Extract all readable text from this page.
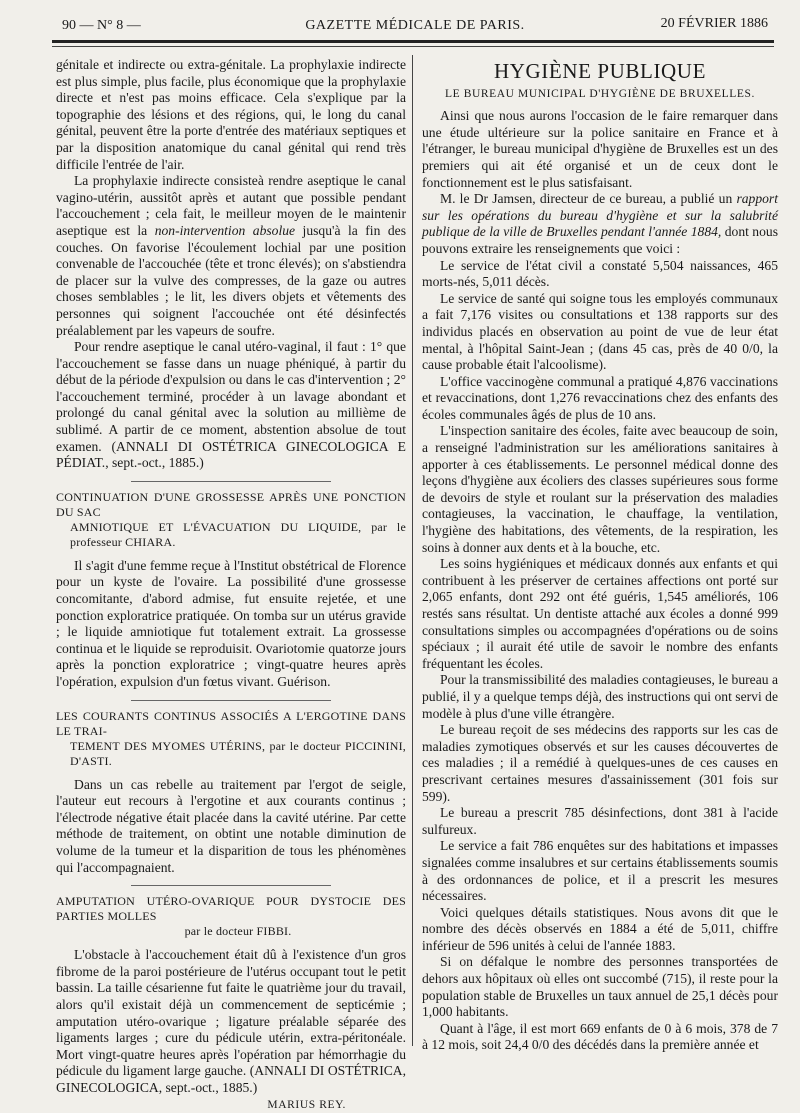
90 — N° 8 —	GAZETTE MÉDICALE DE PARIS.	20 FÉVRIER 1886

génitale et indirecte ou extra-génitale. La prophylaxie indirecte est plus simple, plus facile, plus économique que la prophylaxie directe et n'est pas moins efficace. Cela s'explique par la topographie des lésions et des régions, qui, le long du canal génital, peuvent être la porte d'entrée des matériaux septiques et par la disposition anatomique du canal génital qui rend très difficile l'entrée de l'air.

La prophylaxie indirecte consisteà rendre aseptique le canal vagino-utérin, aussitôt après et autant que possible pendant l'accouchement ; cela fait, le meilleur moyen de le maintenir aseptique est la non-intervention absolue jusqu'à la fin des couches. On favorise l'écoulement lochial par une position convenable de l'accouchée (tête et tronc élevés); on s'abstiendra de placer sur la vulve des compresses, de la gaze ou autres choses semblables ; le lit, les divers objets et vêtements des personnes qui soignent l'accouchée ont été désinfectés préalablement par les vapeurs de soufre.

Pour rendre aseptique le canal utéro-vaginal, il faut : 1° que l'accouchement se fasse dans un nuage phéniqué, à partir du début de la période d'expulsion ou dans le cas d'intervention ; 2° l'accouchement terminé, procéder à un lavage abondant et prolongé du canal génital avec la solution au millième de sublimé. A partir de ce moment, abstention absolue de tout examen. (ANNALI DI OSTÉTRICA GINECOLOGICA E PÉDIAT., sept.-oct., 1885.)

CONTINUATION D'UNE GROSSESSE APRÈS UNE PONCTION DU SAC
AMNIOTIQUE ET L'ÉVACUATION DU LIQUIDE, par le professeur CHIARA.

Il s'agit d'une femme reçue à l'Institut obstétrical de Florence pour un kyste de l'ovaire. La possibilité d'une grossesse concomitante, d'abord admise, fut ensuite rejetée, et une ponction exploratrice pratiquée. On tomba sur un utérus gravide ; le liquide amniotique fut totalement extrait. La grossesse continua et le liquide se reproduisit. Ovariotomie quatorze jours après la ponction exploratrice ; vingt-quatre heures après l'opération, expulsion d'un fœtus vivant. Guérison.

LES COURANTS CONTINUS ASSOCIÉS A L'ERGOTINE DANS LE TRAI-
TEMENT DES MYOMES UTÉRINS, par le docteur PICCININI, D'ASTI.

Dans un cas rebelle au traitement par l'ergot de seigle, l'auteur eut recours à l'ergotine et aux courants continus ; l'électrode négative était placée dans la cavité utérine. Par cette méthode de traitement, on obtint une notable diminution de volume de la tumeur et la disparition de tous les phénomènes qui l'accompagnaient.

AMPUTATION UTÉRO-OVARIQUE POUR DYSTOCIE DES PARTIES MOLLES
par le docteur FIBBI.

L'obstacle à l'accouchement était dû à l'existence d'un gros fibrome de la paroi postérieure de l'utérus occupant tout le petit bassin. La taille césarienne fut faite le quatrième jour du travail, alors qu'il existait déjà un commencement de septicémie ; amputation utéro-ovarique ; ligature préalable séparée des ligaments larges ; cure du pédicule utérin, extra-péritonéale. Mort vingt-quatre heures après l'opération par hémorrhagie du pédicule du ligament large gauche. (ANNALI DI OSTÉTRICA, GINECOLOGICA, sept.-oct., 1885.)

MARIUS REY.

HYGIÈNE PUBLIQUE
LE BUREAU MUNICIPAL D'HYGIÈNE DE BRUXELLES.

Ainsi que nous aurons l'occasion de le faire remarquer dans une étude ultérieure sur la police sanitaire en France et à l'étranger, le bureau municipal d'hygiène de Bruxelles est un des premiers qui ait été organisé et un de ceux dont le fonctionnement est le plus satisfaisant.

M. le Dr Jamsen, directeur de ce bureau, a publié un rapport sur les opérations du bureau d'hygiène et sur la salubrité publique de la ville de Bruxelles pendant l'année 1884, dont nous pouvons extraire les renseignements que voici :

Le service de l'état civil a constaté 5,504 naissances, 465 morts-nés, 5,011 décès.

Le service de santé qui soigne tous les employés communaux a fait 7,176 visites ou consultations et 138 rapports sur des individus placés en observation au point de vue de leur état mental, à l'hôpital Saint-Jean ; (dans 45 cas, près de 40 0/0, la cause probable était l'alcoolisme).

L'office vaccinogène communal a pratiqué 4,876 vaccinations et revaccinations, dont 1,276 revaccinations chez des enfants des écoles communales âgés de plus de 10 ans.

L'inspection sanitaire des écoles, faite avec beaucoup de soin, a renseigné l'administration sur les améliorations sanitaires à apporter à ces établissements. Le personnel médical donne des leçons d'hygiène aux écoliers des classes supérieures sous forme de devoirs de style et roulant sur la préservation des maladies contagieuses, la vaccination, le chauffage, la ventilation, l'hygiène des habitations, des vêtements, de la respiration, les soins à donner aux dents et à la bouche, etc.

Les soins hygiéniques et médicaux donnés aux enfants et qui contribuent à les préserver de certaines affections ont porté sur 2,065 enfants, dont 292 ont été guéris, 1,545 améliorés, 106 restés sans résultat. Un dentiste attaché aux écoles a donné 999 consultations simples ou accompagnées d'opérations ou de soins spéciaux ; il aurait été utile de savoir le nombre des enfants fréquentant les écoles.

Pour la transmissibilité des maladies contagieuses, le bureau a publié, il y a quelque temps déjà, des instructions qui ont servi de modèle à plus d'une ville étrangère.

Le bureau reçoit de ses médecins des rapports sur les cas de maladies zymotiques observés et sur les causes découvertes de ces maladies ; il a remédié à quelques-unes de ces causes en prescrivant certaines mesures d'assainissement (301 fois sur 599).

Le bureau a prescrit 785 désinfections, dont 381 à l'acide sulfureux.

Le service a fait 786 enquêtes sur des habitations et impasses signalées comme insalubres et sur certains établissements soumis à des ordonnances de police, et il a prescrit les mesures nécessaires.

Voici quelques détails statistiques. Nous avons dit que le nombre des décès observés en 1884 a été de 5,011, chiffre inférieur de 596 unités à celui de l'année 1883.

Si on défalque le nombre des personnes transportées de dehors aux hôpitaux où elles ont succombé (715), il reste pour la population stable de Bruxelles un taux annuel de 25,1 décès pour 1,000 habitants.

Quant à l'âge, il est mort 669 enfants de 0 à 6 mois, 378 de 7 à 12 mois, soit 24,4 0/0 des décédés dans la première année et
